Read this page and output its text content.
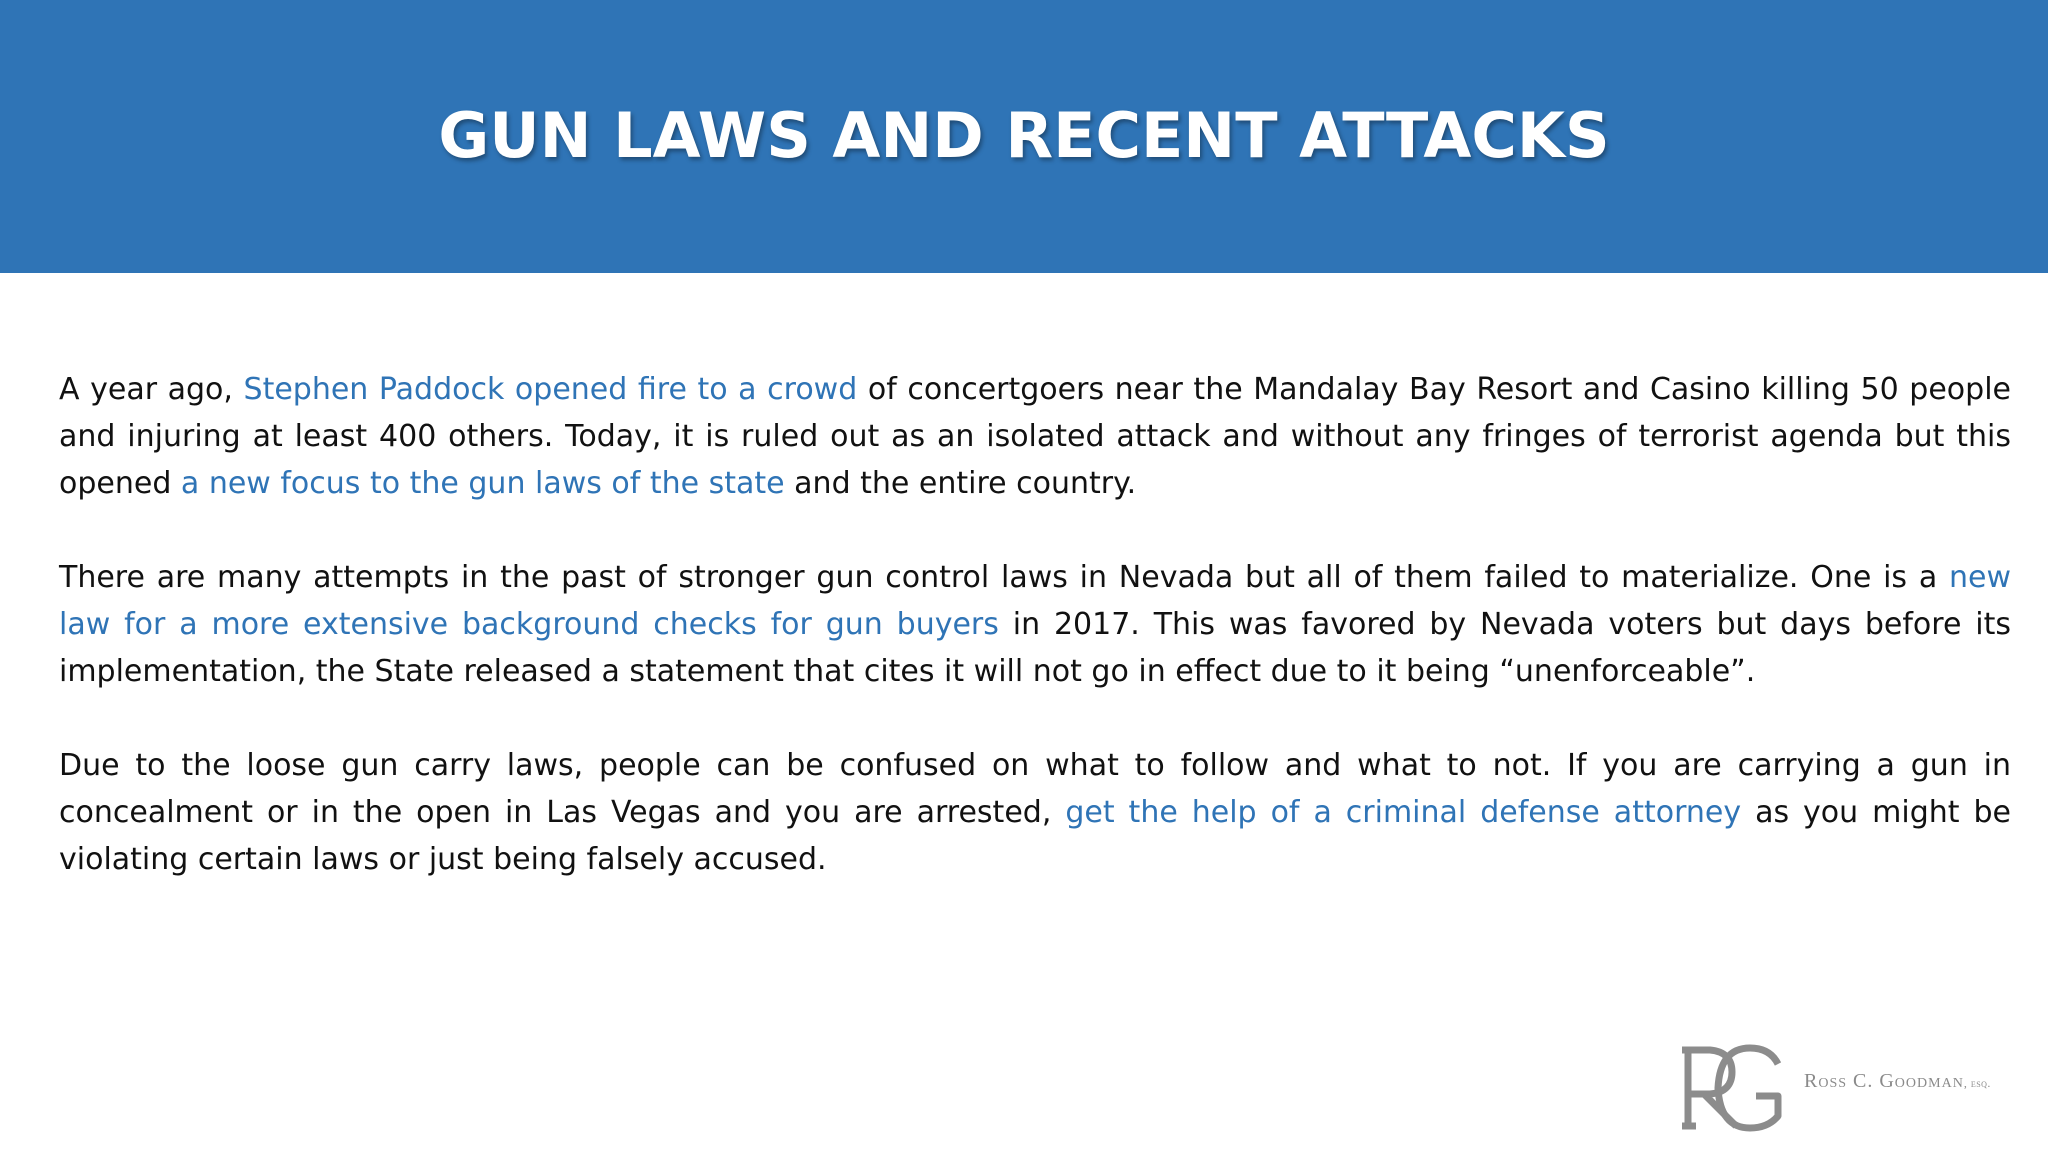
GUN LAWS AND RECENT ATTACKS

A year ago, Stephen Paddock opened fire to a crowd of concertgoers near the Mandalay Bay Resort and Casino killing 50 people and injuring at least 400 others. Today, it is ruled out as an isolated attack and without any fringes of terrorist agenda but this opened a new focus to the gun laws of the state and the entire country.

There are many attempts in the past of stronger gun control laws in Nevada but all of them failed to materialize. One is a new law for a more extensive background checks for gun buyers in 2017. This was favored by Nevada voters but days before its implementation, the State released a statement that cites it will not go in effect due to it being “unenforceable”.

Due to the loose gun carry laws, people can be confused on what to follow and what to not. If you are carrying a gun in concealment or in the open in Las Vegas and you are arrested, get the help of a criminal defense attorney as you might be violating certain laws or just being falsely accused.

Ross C. Goodman, esq.
